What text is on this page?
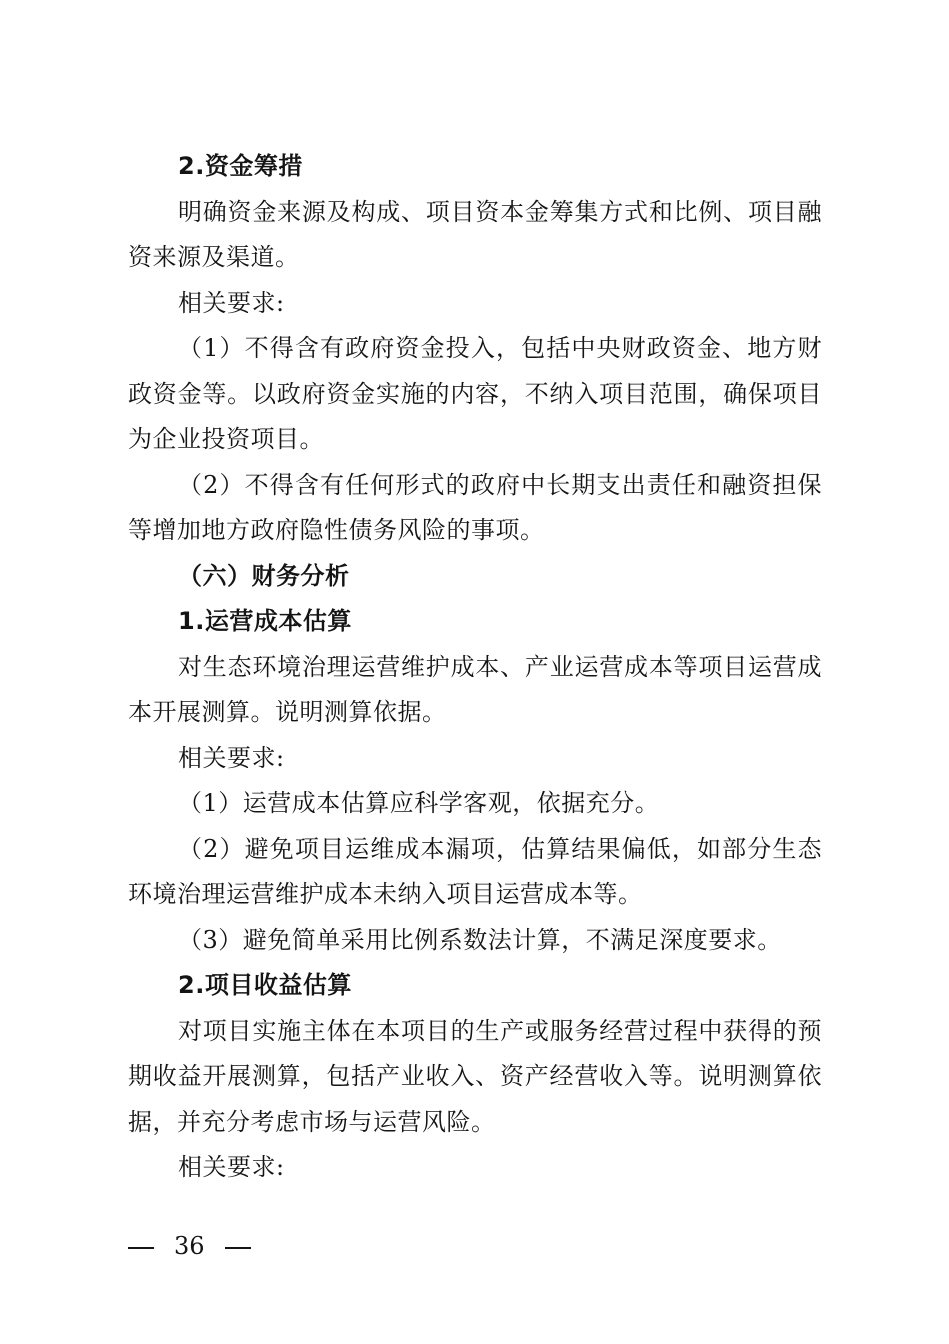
2.资金筹措

明确资金来源及构成、项目资本金筹集方式和比例、项目融资来源及渠道。

相关要求:

（1）不得含有政府资金投入，包括中央财政资金、地方财政资金等。以政府资金实施的内容，不纳入项目范围，确保项目为企业投资项目。

（2）不得含有任何形式的政府中长期支出责任和融资担保等增加地方政府隐性债务风险的事项。

（六）财务分析

1.运营成本估算

对生态环境治理运营维护成本、产业运营成本等项目运营成本开展测算。说明测算依据。

相关要求:

（1）运营成本估算应科学客观，依据充分。

（2）避免项目运维成本漏项，估算结果偏低，如部分生态环境治理运营维护成本未纳入项目运营成本等。

（3）避免简单采用比例系数法计算，不满足深度要求。

2.项目收益估算

对项目实施主体在本项目的生产或服务经营过程中获得的预期收益开展测算，包括产业收入、资产经营收入等。说明测算依据，并充分考虑市场与运营风险。

相关要求:

36
